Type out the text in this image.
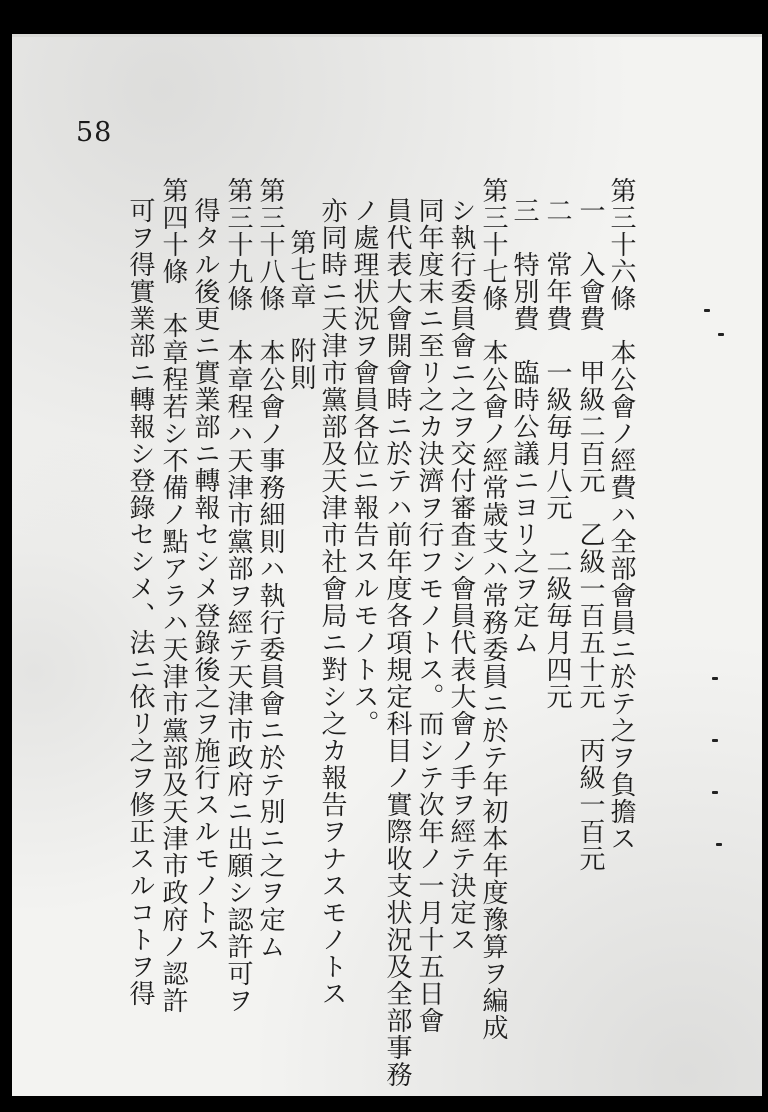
58
第三十六條　本公會ノ經費ハ全部會員ニ於テ之ヲ負擔ス
一　入會費　甲級二百元　乙級一百五十元　丙級一百元
二　常年費　一級毎月八元　二級毎月四元
三　特別費　臨時公議ニヨリ之ヲ定ム
第三十七條　本公會ノ經常歳支ハ常務委員ニ於テ年初本年度豫算ヲ編成
シ執行委員會ニ之ヲ交付審査シ會員代表大會ノ手ヲ經テ決定ス
同年度末ニ至リ之カ決濟ヲ行フモノトス。而シテ次年ノ一月十五日會
員代表大會開會時ニ於テハ前年度各項規定科目ノ實際收支状況及全部事務
ノ處理状況ヲ會員各位ニ報告スルモノトス。
亦同時ニ天津市黨部及天津市社會局ニ對シ之カ報告ヲナスモノトス
第七章　附則
第三十八條　本公會ノ事務細則ハ執行委員會ニ於テ別ニ之ヲ定ム
第三十九條　本章程ハ天津市黨部ヲ經テ天津市政府ニ出願シ認許可ヲ
得タル後更ニ實業部ニ轉報セシメ登錄後之ヲ施行スルモノトス
第四十條　本章程若シ不備ノ點アラハ天津市黨部及天津市政府ノ認許
可ヲ得實業部ニ轉報シ登錄セシメ、法ニ依リ之ヲ修正スルコトヲ得
